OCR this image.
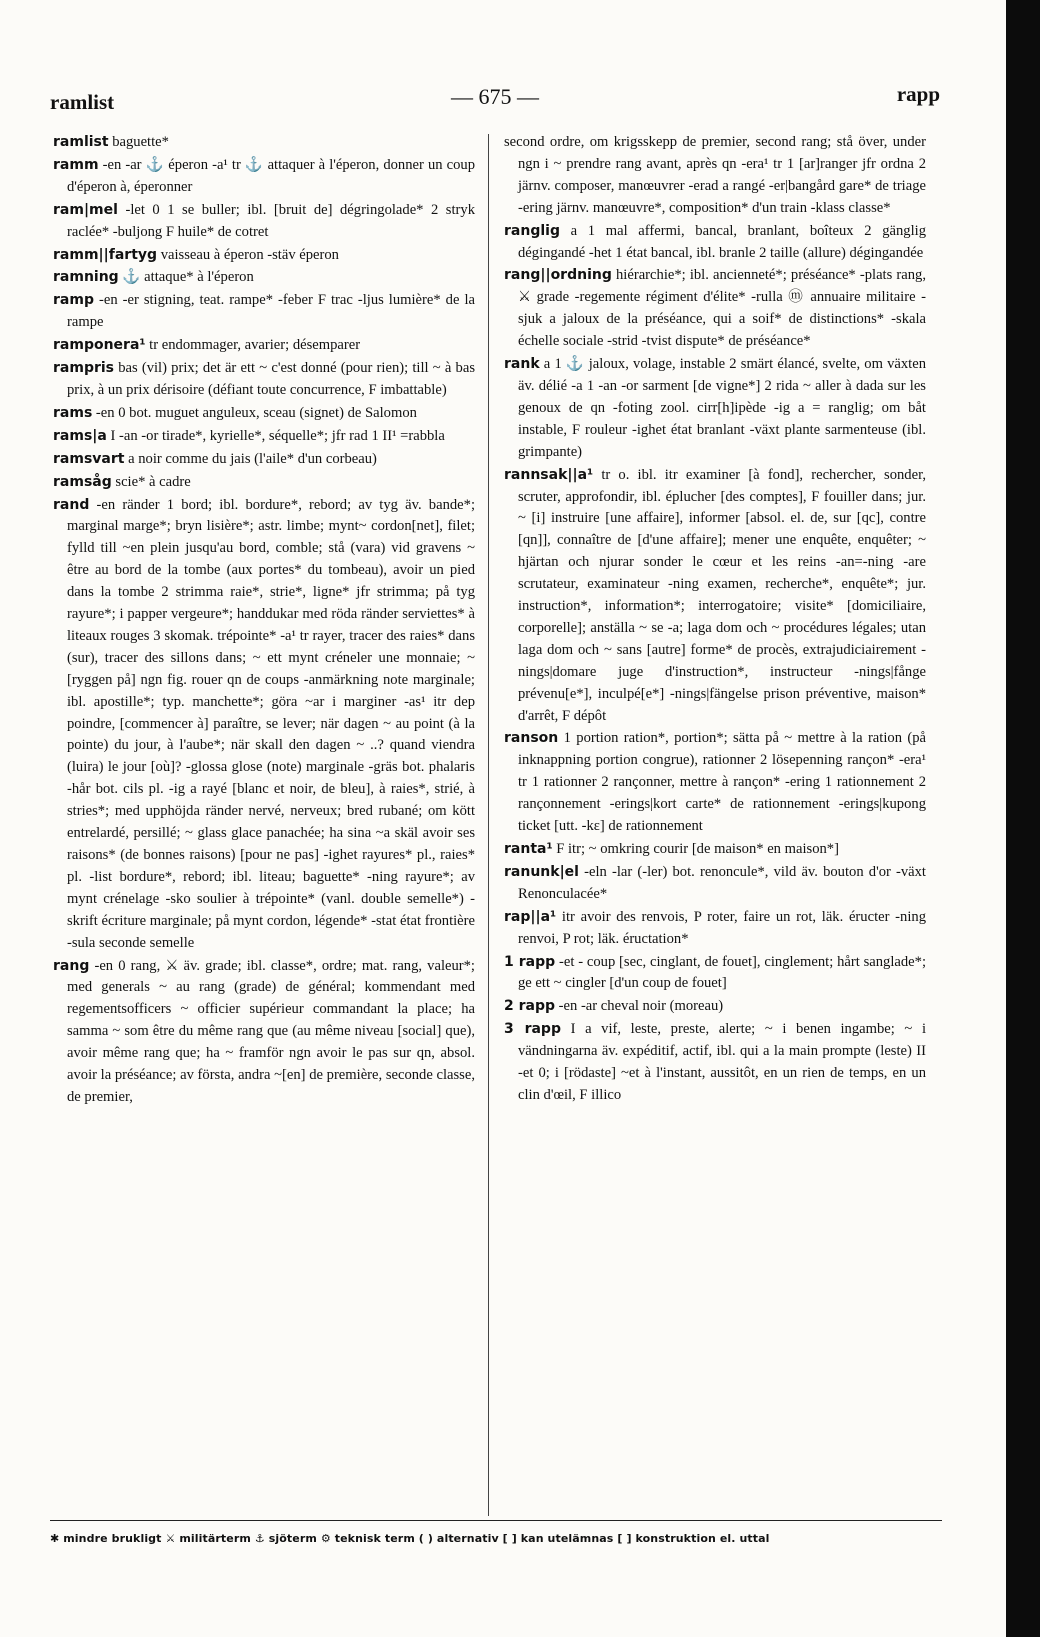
ramlist	— 675 —	rapp
ramlist baguette*
ramm -en -ar ⚓ éperon -a¹ tr ⚓ attaquer à l'éperon, donner un coup d'éperon à, éperonner
ram|mel -let 0 1 se buller; ibl. [bruit de] dégringolade* 2 stryk raclée* -buljong F huile* de cotret
ramm||fartyg vaisseau à éperon -stäv éperon
ramning ⚓ attaque* à l'éperon
ramp -en -er stigning, teat. rampe* -feber F trac -ljus lumière* de la rampe
ramponera¹ tr endommager, avarier; désemparer
rampris bas (vil) prix; det är ett ~ c'est donné (pour rien); till ~ à bas prix, à un prix dérisoire (défiant toute concurrence, F imbattable)
rams -en 0 bot. muguet anguleux, sceau (signet) de Salomon
rams|a I -an -or tirade*, kyrielle*, séquelle*; jfr rad 1 II¹ =rabbla
ramsvart a noir comme du jais (l'aile* d'un corbeau)
ramsåg scie* à cadre
rand -en ränder 1 bord; ibl. bordure*, rebord; av tyg äv. bande*; marginal marge*; bryn lisière*; astr. limbe; mynt~ cordon[net], filet; fylld till ~en plein jusqu'au bord, comble; stå (vara) vid gravens ~ être au bord de la tombe (aux portes* du tombeau), avoir un pied dans la tombe 2 strimma raie*, strie*, ligne* jfr strimma; på tyg rayure*; i papper vergeure*; handdukar med röda ränder serviettes* à liteaux rouges 3 skomak. trépointe* -a¹ tr rayer, tracer des raies* dans (sur), tracer des sillons dans; ~ ett mynt créneler une monnaie; ~ [ryggen på] ngn fig. rouer qn de coups -anmärkning note marginale; ibl. apostille*; typ. manchette*; göra ~ar i marginer -as¹ itr dep poindre, [commencer à] paraître, se lever; när dagen ~ au point (à la pointe) du jour, à l'aube*; när skall den dagen ~ ..? quand viendra (luira) le jour [où]? -glossa glose (note) marginale -gräs bot. phalaris -hår bot. cils pl. -ig a rayé [blanc et noir, de bleu], à raies*, strié, à stries*; med upphöjda ränder nervé, nerveux; bred rubané; om kött entrelardé, persillé; ~ glass glace panachée; ha sina ~a skäl avoir ses raisons* (de bonnes raisons) [pour ne pas] -ighet rayures* pl., raies* pl. -list bordure*, rebord; ibl. liteau; baguette* -ning rayure*; av mynt crénelage -sko soulier à trépointe* (vanl. double semelle*) -skrift écriture marginale; på mynt cordon, légende* -stat état frontière -sula seconde semelle
rang -en 0 rang, ⚔ äv. grade; ibl. classe*, ordre; mat. rang, valeur*; med generals ~ au rang (grade) de général; kommendant med regementsofficers ~ officier supérieur commandant la place; ha samma ~ som être du même rang que (au même niveau [social] que), avoir même rang que; ha ~ framför ngn avoir le pas sur qn, absol. avoir la préséance; av första, andra ~[en] de première, seconde classe, de premier,
second ordre, om krigsskepp de premier, second rang; stå över, under ngn i ~ prendre rang avant, après qn -era¹ tr 1 [ar]ranger jfr ordna 2 järnv. composer, manœuvrer -erad a rangé -er|bangård gare* de triage -ering järnv. manœuvre*, composition* d'un train -klass classe*
ranglig a 1 mal affermi, bancal, branlant, boîteux 2 gänglig dégingandé -het 1 état bancal, ibl. branle 2 taille (allure) dégingandée
rang||ordning hiérarchie*; ibl. ancienneté*; préséance* -plats rang, ⚔ grade -regemente régiment d'élite* -rulla ⓜ annuaire militaire -sjuk a jaloux de la préséance, qui a soif* de distinctions* -skala échelle sociale -strid -tvist dispute* de préséance*
rank a 1 ⚓ jaloux, volage, instable 2 smärt élancé, svelte, om växten äv. délié -a 1 -an -or sarment [de vigne*] 2 rida ~ aller à dada sur les genoux de qn -foting zool. cirr[h]ipède -ig a = ranglig; om båt instable, F rouleur -ighet état branlant -växt plante sarmenteuse (ibl. grimpante)
rannsak||a¹ tr o. ibl. itr examiner [à fond], rechercher, sonder, scruter, approfondir, ibl. éplucher [des comptes], F fouiller dans; jur. ~ [i] instruire [une affaire], informer [absol. el. de, sur [qc], contre [qn]], connaître de [d'une affaire]; mener une enquête, enquêter; ~ hjärtan och njurar sonder le cœur et les reins -an=-ning -are scrutateur, examinateur -ning examen, recherche*, enquête*; jur. instruction*, information*; interrogatoire; visite* [domiciliaire, corporelle]; anställa ~ se -a; laga dom och ~ procédures légales; utan laga dom och ~ sans [autre] forme* de procès, extrajudiciairement -nings|domare juge d'instruction*, instructeur -nings|fånge prévenu[e*], inculpé[e*] -nings|fängelse prison préventive, maison* d'arrêt, F dépôt
ranson 1 portion ration*, portion*; sätta på ~ mettre à la ration (på inknappning portion congrue), rationner 2 lösepenning rançon* -era¹ tr 1 rationner 2 rançonner, mettre à rançon* -ering 1 rationnement 2 rançonnement -erings|kort carte* de rationnement -erings|kupong ticket [utt. -kɛ] de rationnement
ranta¹ F itr; ~ omkring courir [de maison* en maison*]
ranunk|el -eln -lar (-ler) bot. renoncule*, vild äv. bouton d'or -växt Renonculacée*
rap||a¹ itr avoir des renvois, P roter, faire un rot, läk. éructer -ning renvoi, P rot; läk. éructation*
1 rapp -et - coup [sec, cinglant, de fouet], cinglement; hårt sanglade*; ge ett ~ cingler [d'un coup de fouet]
2 rapp -en -ar cheval noir (moreau)
3 rapp I a vif, leste, preste, alerte; ~ i benen ingambe; ~ i vändningarna äv. expéditif, actif, ibl. qui a la main prompte (leste) II -et 0; i [rödaste] ~et à l'instant, aussitôt, en un rien de temps, en un clin d'œil, F illico
✱ mindre brukligt ⚔ militärterm ⚓ sjöterm ⚙ teknisk term ( ) alternativ [ ] kan utelämnas [ ] konstruktion el. uttal
